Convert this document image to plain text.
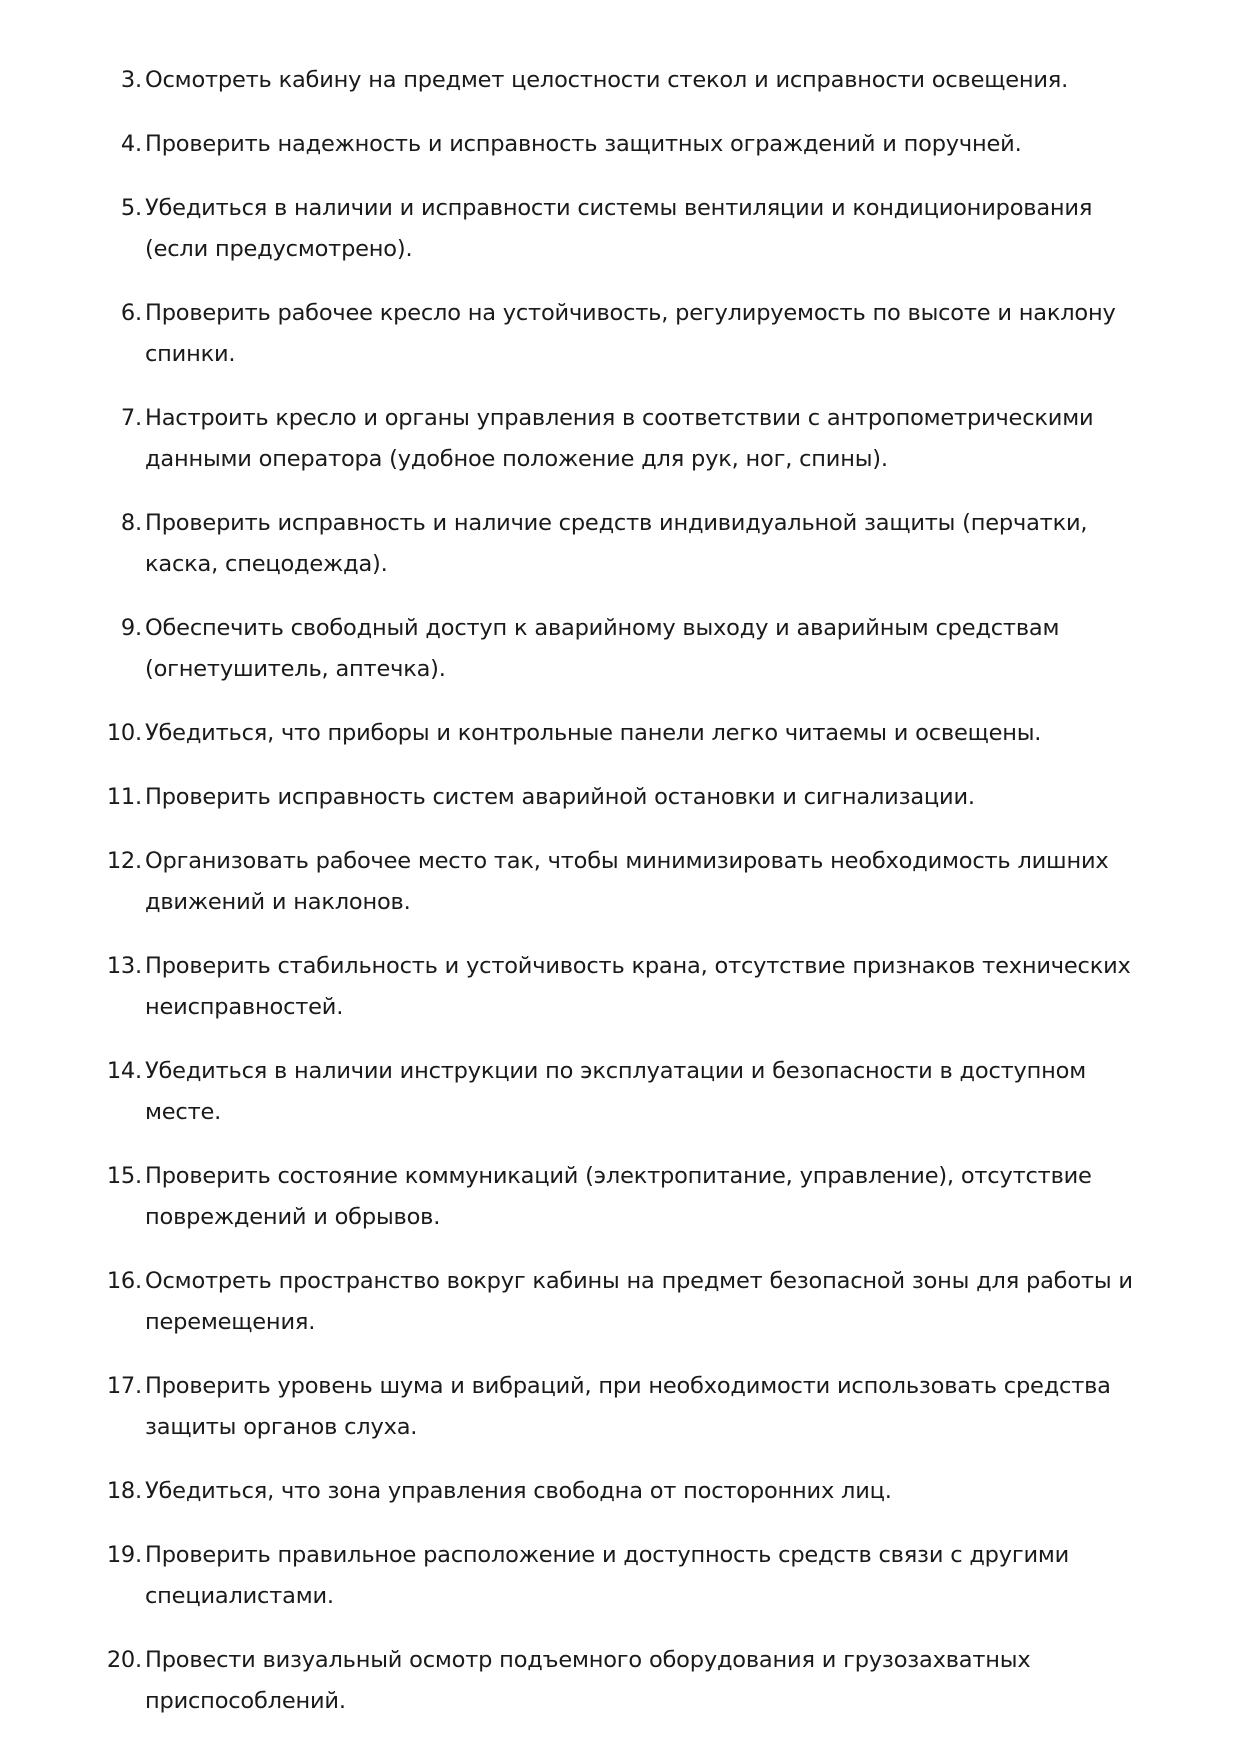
3. Осмотреть кабину на предмет целостности стекол и исправности освещения.
4. Проверить надежность и исправность защитных ограждений и поручней.
5. Убедиться в наличии и исправности системы вентиляции и кондиционирования (если предусмотрено).
6. Проверить рабочее кресло на устойчивость, регулируемость по высоте и наклону спинки.
7. Настроить кресло и органы управления в соответствии с антропометрическими данными оператора (удобное положение для рук, ног, спины).
8. Проверить исправность и наличие средств индивидуальной защиты (перчатки, каска, спецодежда).
9. Обеспечить свободный доступ к аварийному выходу и аварийным средствам (огнетушитель, аптечка).
10. Убедиться, что приборы и контрольные панели легко читаемы и освещены.
11. Проверить исправность систем аварийной остановки и сигнализации.
12. Организовать рабочее место так, чтобы минимизировать необходимость лишних движений и наклонов.
13. Проверить стабильность и устойчивость крана, отсутствие признаков технических неисправностей.
14. Убедиться в наличии инструкции по эксплуатации и безопасности в доступном месте.
15. Проверить состояние коммуникаций (электропитание, управление), отсутствие повреждений и обрывов.
16. Осмотреть пространство вокруг кабины на предмет безопасной зоны для работы и перемещения.
17. Проверить уровень шума и вибраций, при необходимости использовать средства защиты органов слуха.
18. Убедиться, что зона управления свободна от посторонних лиц.
19. Проверить правильное расположение и доступность средств связи с другими специалистами.
20. Провести визуальный осмотр подъемного оборудования и грузозахватных приспособлений.
